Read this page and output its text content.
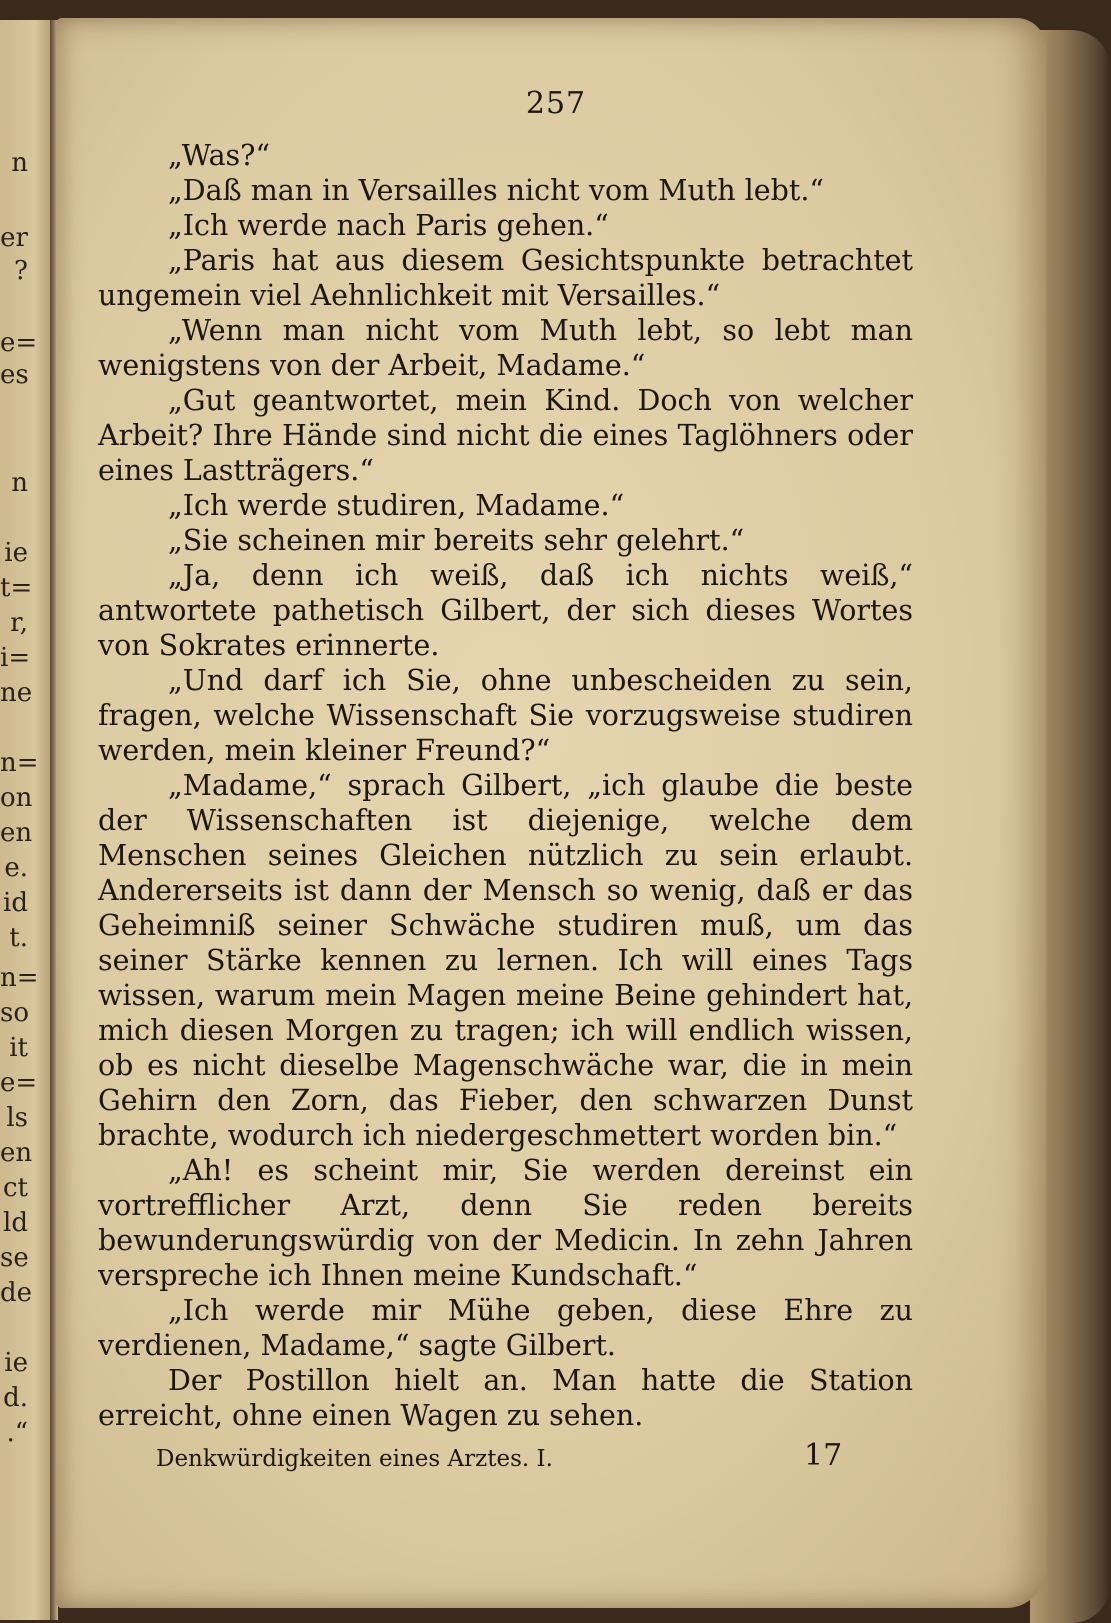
n
er
?
e=
es
n
ie
t=
r,
i=
ne
n=
on
en
e.
id
t.
n=
so
it
e=
ls
en
ct
ld
se
de
ie
d.
.“
257

„Was?“

„Daß man in Versailles nicht vom Muth lebt.“

„Ich werde nach Paris gehen.“

„Paris hat aus diesem Gesichtspunkte betrachtet ungemein viel Aehnlichkeit mit Versailles.“

„Wenn man nicht vom Muth lebt, so lebt man wenigstens von der Arbeit, Madame.“

„Gut geantwortet, mein Kind. Doch von welcher Arbeit? Ihre Hände sind nicht die eines Taglöhners oder eines Lastträgers.“

„Ich werde studiren, Madame.“

„Sie scheinen mir bereits sehr gelehrt.“

„Ja, denn ich weiß, daß ich nichts weiß,“ antwortete pathetisch Gilbert, der sich dieses Wortes von Sokrates erinnerte.

„Und darf ich Sie, ohne unbescheiden zu sein, fragen, welche Wissenschaft Sie vorzugsweise studiren werden, mein kleiner Freund?“

„Madame,“ sprach Gilbert, „ich glaube die beste der Wissenschaften ist diejenige, welche dem Menschen seines Gleichen nützlich zu sein erlaubt. Andererseits ist dann der Mensch so wenig, daß er das Geheimniß seiner Schwäche studiren muß, um das seiner Stärke kennen zu lernen. Ich will eines Tags wissen, warum mein Magen meine Beine gehindert hat, mich diesen Morgen zu tragen; ich will endlich wissen, ob es nicht dieselbe Magenschwäche war, die in mein Gehirn den Zorn, das Fieber, den schwarzen Dunst brachte, wodurch ich niedergeschmettert worden bin.“

„Ah! es scheint mir, Sie werden dereinst ein vortrefflicher Arzt, denn Sie reden bereits bewunderungswürdig von der Medicin. In zehn Jahren verspreche ich Ihnen meine Kundschaft.“

„Ich werde mir Mühe geben, diese Ehre zu verdienen, Madame,“ sagte Gilbert.

Der Postillon hielt an. Man hatte die Station erreicht, ohne einen Wagen zu sehen.

Denkwürdigkeiten eines Arztes. I.	17
